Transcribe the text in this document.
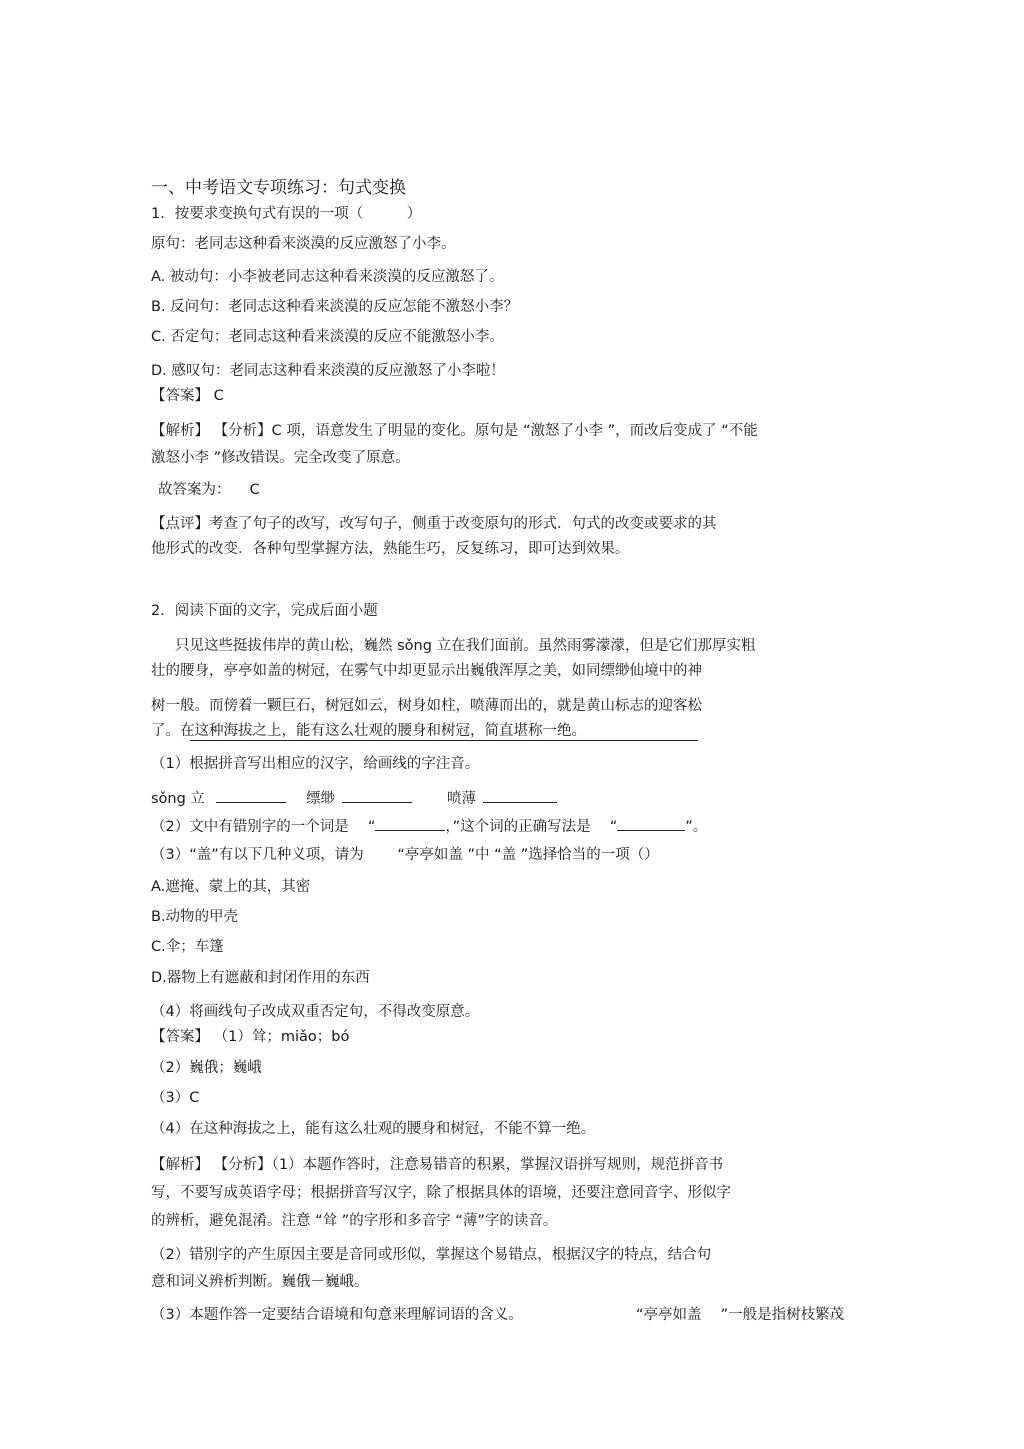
一、中考语文专项练习：句式变换
1．按要求变换句式有误的一项（　　　）
原句：老同志这种看来淡漠的反应激怒了小李。
A. 被动句：小李被老同志这种看来淡漠的反应激怒了。
B. 反问句：老同志这种看来淡漠的反应怎能不激怒小李？
C. 否定句：老同志这种看来淡漠的反应不能激怒小李。
D. 感叹句：老同志这种看来淡漠的反应激怒了小李啦！
【答案】 C
【解析】 【分析】C 项，语意发生了明显的变化。原句是 “激怒了小李 ”，而改后变成了 “不能
激怒小李 ”修改错误。完全改变了原意。
故答案为： 　C
【点评】考查了句子的改写，改写句子，侧重于改变原句的形式．句式的改变或要求的其
他形式的改变．各种句型掌握方法，熟能生巧，反复练习，即可达到效果。
2．阅读下面的文字，完成后面小题
只见这些挺拔伟岸的黄山松，巍然 sǒng 立在我们面前。虽然雨雾濛濛，但是它们那厚实粗
壮的腰身，亭亭如盖的树冠，在雾气中却更显示出巍俄浑厚之美，如同缥缈仙境中的神
树一般。而傍着一颗巨石，树冠如云，树身如柱，喷薄而出的，就是黄山标志的迎客松
了。在这种海拔之上，能有这么壮观的腰身和树冠，简直堪称一绝。
（1）根据拼音写出相应的汉字，给画线的字注音。
sǒng 立	缥缈	喷薄
（2）文中有错别字的一个词是 　“	，”这个词的正确写法是 　“	”。
（3）“盖”有以下几种义项，请为 　　“亭亭如盖 ”中 “盖 ”选择恰当的一项（）
A.遮掩、蒙上的其，其密
B.动物的甲壳
C.伞；车篷
D.器物上有遮蔽和封闭作用的东西
（4）将画线句子改成双重否定句，不得改变原意。
【答案】 （1）耸；miǎo；bó
（2）巍俄；巍峨
（3）C
（4）在这种海拔之上，能有这么壮观的腰身和树冠，不能不算一绝。
【解析】 【分析】（1）本题作答时，注意易错音的积累，掌握汉语拼写规则，规范拼音书
写，不要写成英语字母；根据拼音写汉字，除了根据具体的语境，还要注意同音字、形似字
的辨析，避免混淆。注意 “耸 ”的字形和多音字 “薄”字的读音。
（2）错别字的产生原因主要是音同或形似，掌握这个易错点，根据汉字的特点，结合句
意和词义辨析判断。巍俄－巍峨。
（3）本题作答一定要结合语境和句意来理解词语的含义。	“亭亭如盖 　”一般是指树枝繁茂
